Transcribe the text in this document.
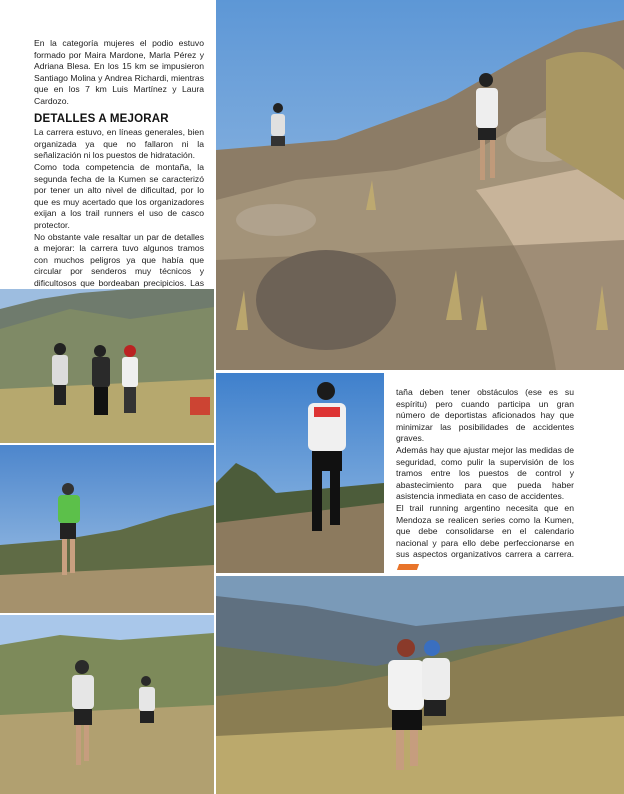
En la categoría mujeres el podio estuvo formado por Maira Mardone, Marla Pérez y Adriana Blesa. En los 15 km se impusieron Santiago Molina y Andrea Richardi, mientras que en los 7 km Luis Martínez y Laura Cardozo.

DETALLES A MEJORAR

La carrera estuvo, en líneas generales, bien organizada ya que no fallaron ni la señalización ni los puestos de hidratación.

Como toda competencia de montaña, la segunda fecha de la Kumen se caracterizó por tener un alto nivel de dificultad, por lo que es muy acertado que los organizadores exijan a los trail runners el uso de casco protector.

No obstante vale resaltar un par de detalles a mejorar: la carrera tuvo algunos tramos con muchos peligros ya que había que circular por senderos muy técnicos y dificultosos que bordeaban precipicios. Las

taña deben tener obstáculos (ese es su espíritu) pero cuando participa un gran número de deportistas aficionados hay que minimizar las posibilidades de accidentes graves.

Además hay que ajustar mejor las medidas de seguridad, como pulir la supervisión de los tramos entre los puestos de control y abastecimiento para que pueda haber asistencia inmediata en caso de accidentes.

El trail running argentino necesita que en Mendoza se realicen series como la Kumen, que debe consolidarse en el calendario nacional y para ello debe perfeccionarse en sus aspectos organizativos carrera a carrera.
